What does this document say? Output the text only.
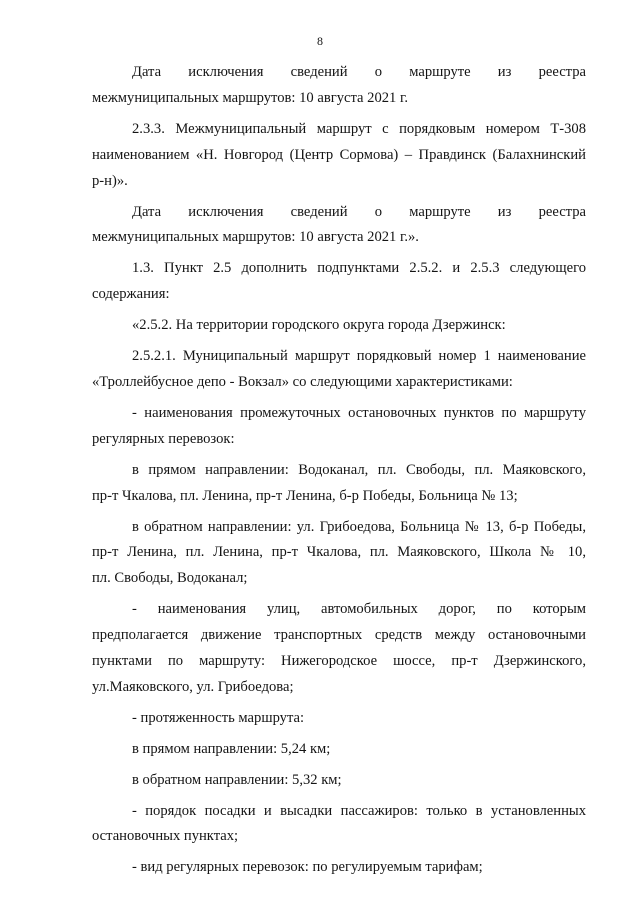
8

Дата исключения сведений о маршруте из реестра
межмуниципальных маршрутов: 10 августа 2021 г.

2.3.3. Межмуниципальный маршрут с порядковым номером Т-308
наименованием «Н. Новгород (Центр Сормова) – Правдинск (Балахнинский
р-н)».

Дата исключения сведений о маршруте из реестра
межмуниципальных маршрутов: 10 августа 2021 г.».

1.3. Пункт 2.5 дополнить подпунктами 2.5.2. и 2.5.3 следующего
содержания:

«2.5.2. На территории городского округа города Дзержинск:

2.5.2.1. Муниципальный маршрут порядковый номер 1 наименование
«Троллейбусное депо - Вокзал» со следующими характеристиками:

- наименования промежуточных остановочных пунктов по маршруту
регулярных перевозок:

в прямом направлении: Водоканал, пл. Свободы, пл. Маяковского,
пр-т Чкалова, пл. Ленина, пр-т Ленина, б-р Победы, Больница № 13;

в обратном направлении: ул. Грибоедова, Больница № 13, б-р Победы,
пр-т Ленина, пл. Ленина, пр-т Чкалова, пл. Маяковского, Школа № 10,
пл. Свободы, Водоканал;

- наименования улиц, автомобильных дорог, по которым
предполагается движение транспортных средств между остановочными
пунктами по маршруту: Нижегородское шоссе, пр-т Дзержинского,
ул.Маяковского, ул. Грибоедова;

- протяженность маршрута:

в прямом направлении: 5,24 км;

в обратном направлении: 5,32 км;

- порядок посадки и высадки пассажиров: только в установленных
остановочных пунктах;

- вид регулярных перевозок: по регулируемым тарифам;
